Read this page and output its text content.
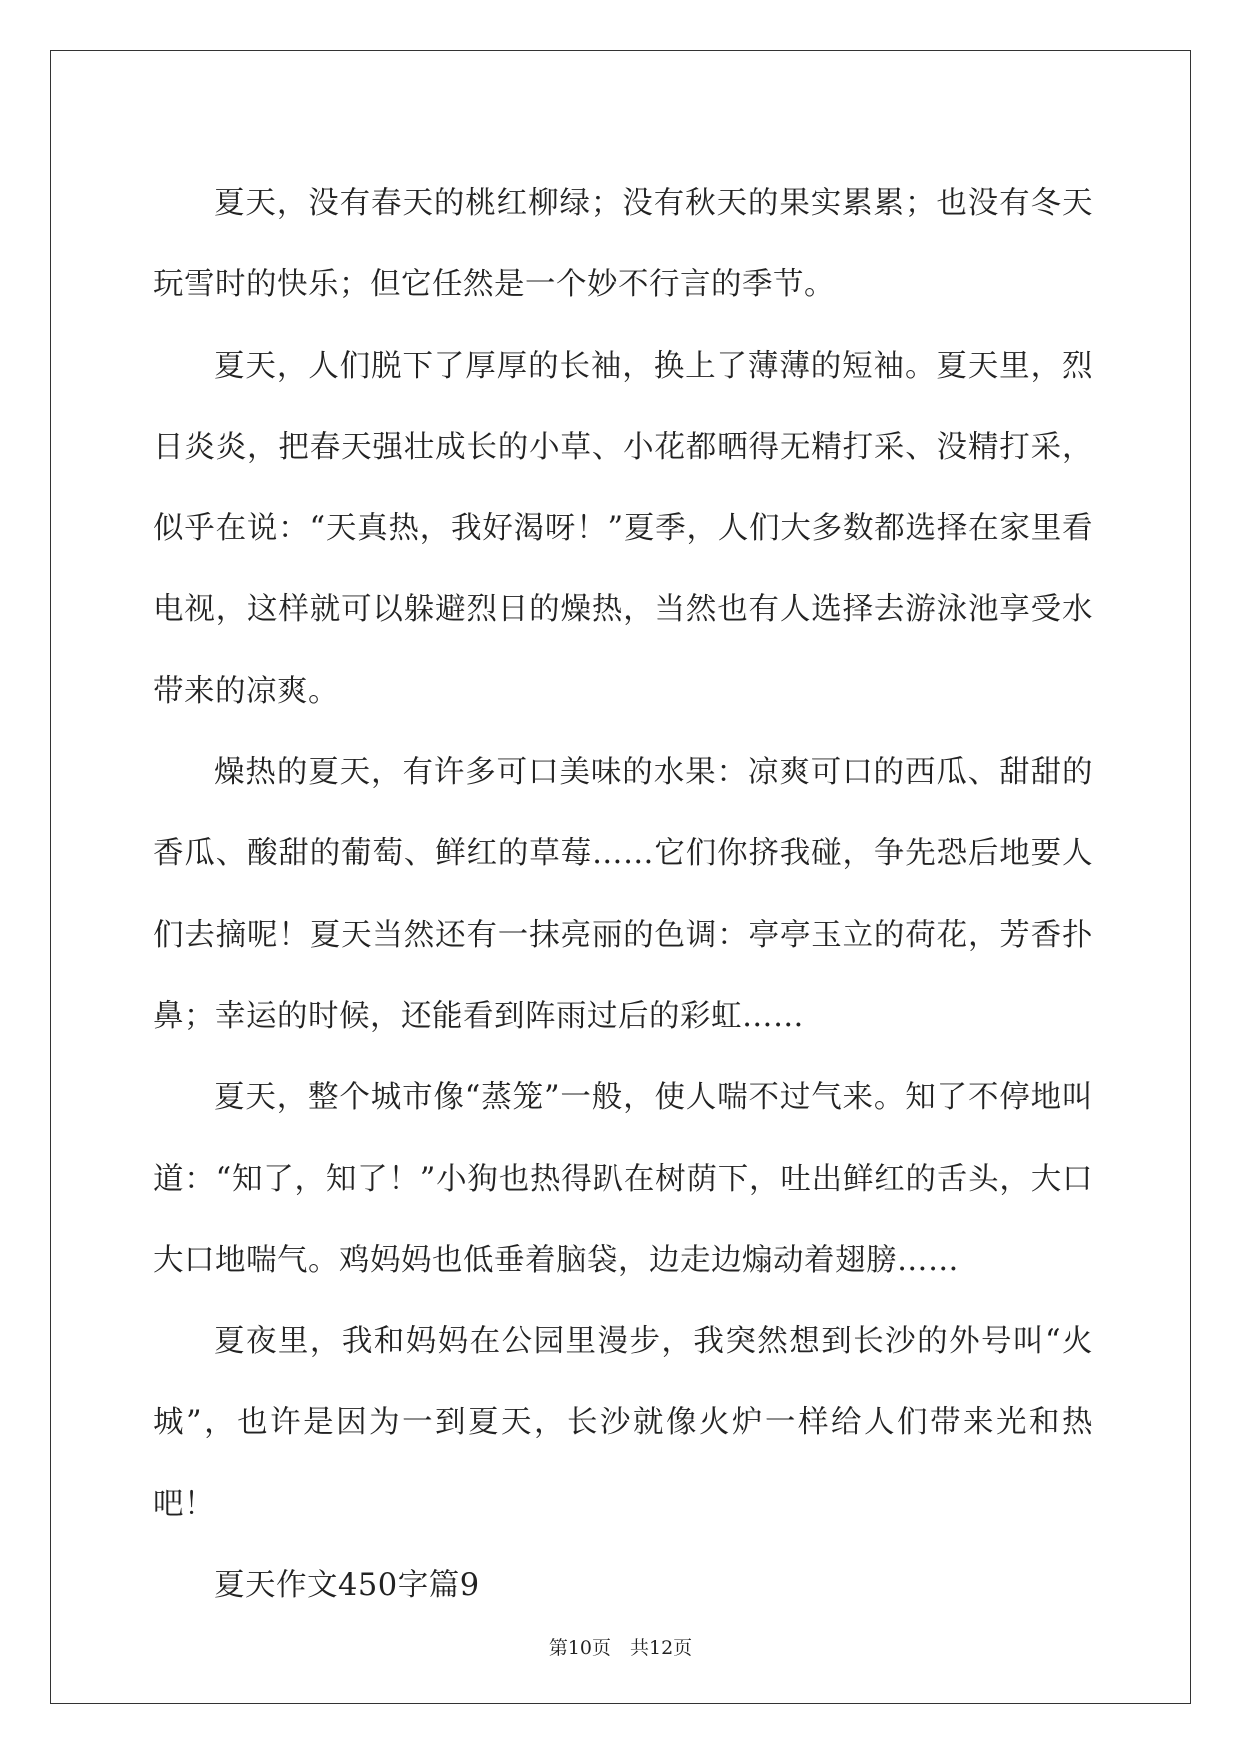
夏天，没有春天的桃红柳绿；没有秋天的果实累累；也没有冬天玩雪时的快乐；但它任然是一个妙不行言的季节。

夏天，人们脱下了厚厚的长袖，换上了薄薄的短袖。夏天里，烈日炎炎，把春天强壮成长的小草、小花都晒得无精打采、没精打采，似乎在说：“天真热，我好渴呀！”夏季，人们大多数都选择在家里看电视，这样就可以躲避烈日的燥热，当然也有人选择去游泳池享受水带来的凉爽。

燥热的夏天，有许多可口美味的水果：凉爽可口的西瓜、甜甜的香瓜、酸甜的葡萄、鲜红的草莓……它们你挤我碰，争先恐后地要人们去摘呢！夏天当然还有一抹亮丽的色调：亭亭玉立的荷花，芳香扑鼻；幸运的时候，还能看到阵雨过后的彩虹……

夏天，整个城市像“蒸笼”一般，使人喘不过气来。知了不停地叫道：“知了，知了！”小狗也热得趴在树荫下，吐出鲜红的舌头，大口大口地喘气。鸡妈妈也低垂着脑袋，边走边煽动着翅膀……

夏夜里，我和妈妈在公园里漫步，我突然想到长沙的外号叫“火城”，也许是因为一到夏天，长沙就像火炉一样给人们带来光和热吧！

夏天作文450字篇9

第10页　共12页
